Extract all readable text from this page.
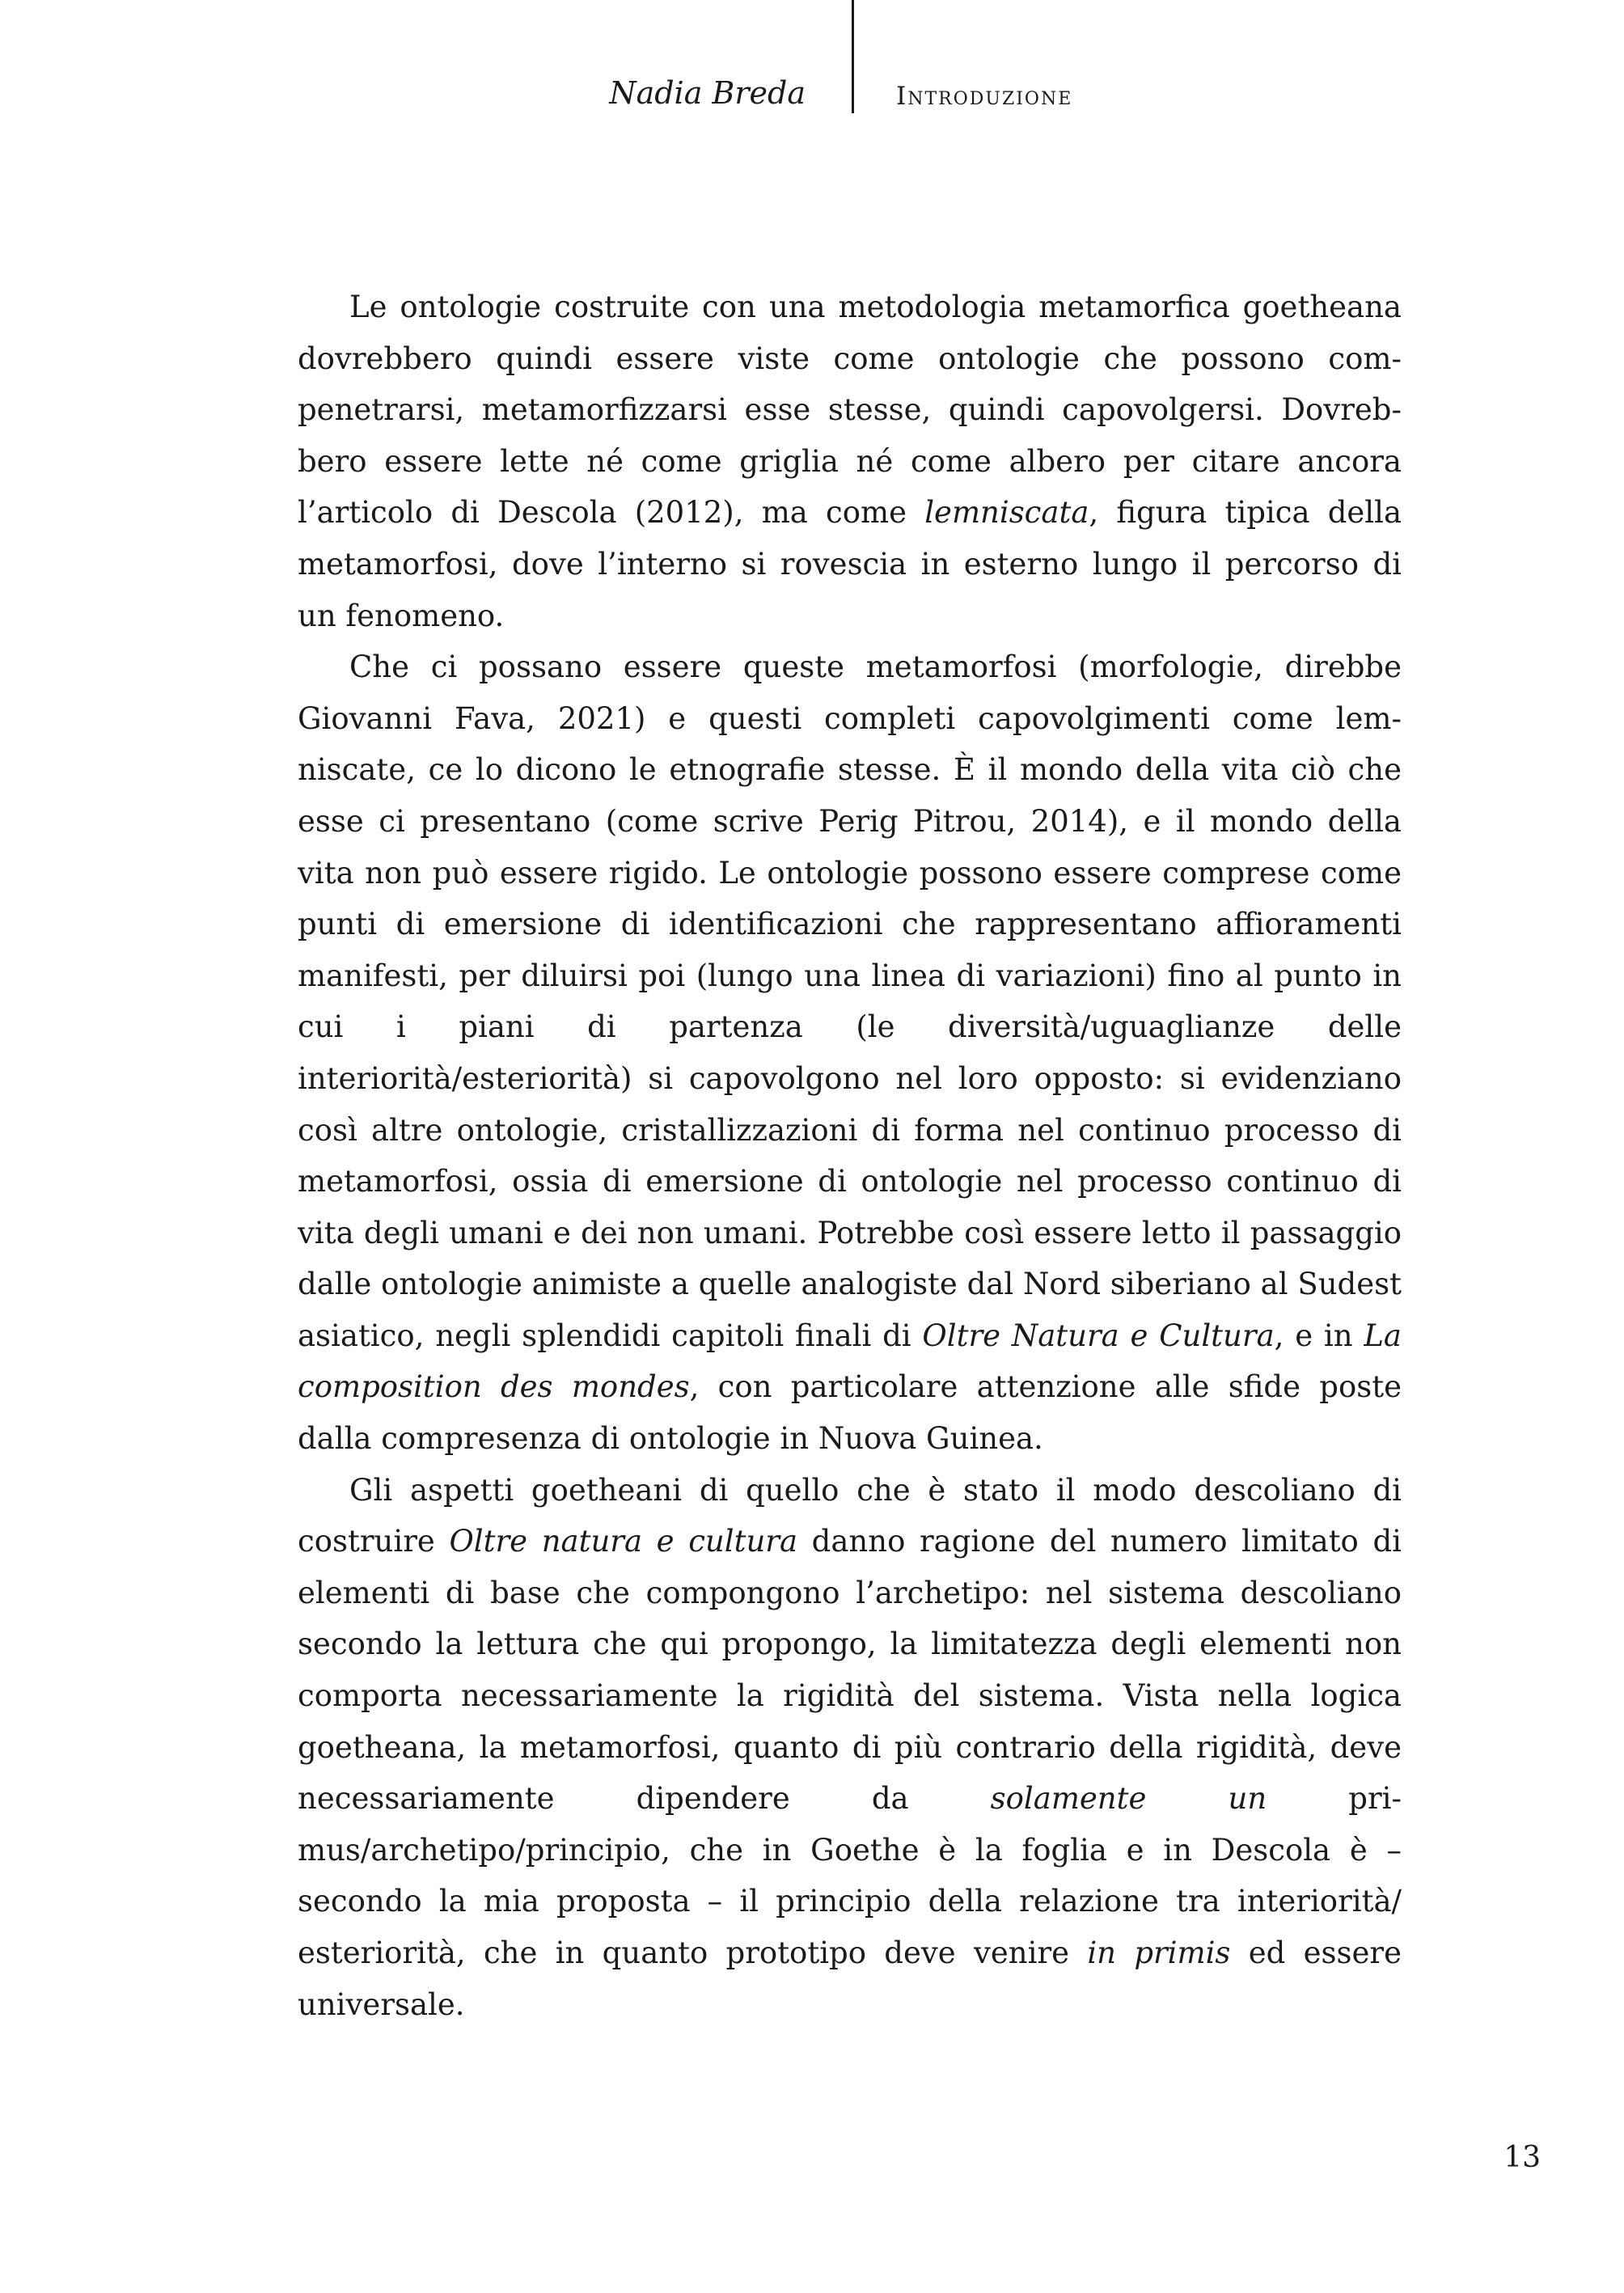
Nadia Breda	Introduzione

Le ontologie costruite con una metodologia metamorfica goetheana dovrebbero quindi essere viste come ontologie che possono compenetrarsi, metamorfizzarsi esse stesse, quindi capovolgersi. Dovrebbero essere lette né come griglia né come albero per citare ancora l’articolo di Descola (2012), ma come lemniscata, figura tipica della metamorfosi, dove l’interno si rovescia in esterno lungo il percorso di un fenomeno.

Che ci possano essere queste metamorfosi (morfologie, direbbe Giovanni Fava, 2021) e questi completi capovolgimenti come lemniscate, ce lo dicono le etnografie stesse. È il mondo della vita ciò che esse ci presentano (come scrive Perig Pitrou, 2014), e il mondo della vita non può essere rigido. Le ontologie possono essere comprese come punti di emersione di identificazioni che rappresentano affioramenti manifesti, per diluirsi poi (lungo una linea di variazioni) fino al punto in cui i piani di partenza (le diversità/uguaglianze delle interiorità/esteriorità) si capovolgono nel loro opposto: si evidenziano così altre ontologie, cristallizzazioni di forma nel continuo processo di metamorfosi, ossia di emersione di ontologie nel processo continuo di vita degli umani e dei non umani. Potrebbe così essere letto il passaggio dalle ontologie animiste a quelle analogiste dal Nord siberiano al Sudest asiatico, negli splendidi capitoli finali di Oltre Natura e Cultura, e in La composition des mondes, con particolare attenzione alle sfide poste dalla compresenza di ontologie in Nuova Guinea.

Gli aspetti goetheani di quello che è stato il modo descoliano di costruire Oltre natura e cultura danno ragione del numero limitato di elementi di base che compongono l’archetipo: nel sistema descoliano secondo la lettura che qui propongo, la limitatezza degli elementi non comporta necessariamente la rigidità del sistema. Vista nella logica goetheana, la metamorfosi, quanto di più contrario della rigidità, deve necessariamente dipendere da solamente un primus/archetipo/principio, che in Goethe è la foglia e in Descola è – secondo la mia proposta – il principio della relazione tra interiorità/ esteriorità, che in quanto prototipo deve venire in primis ed essere universale.

13
